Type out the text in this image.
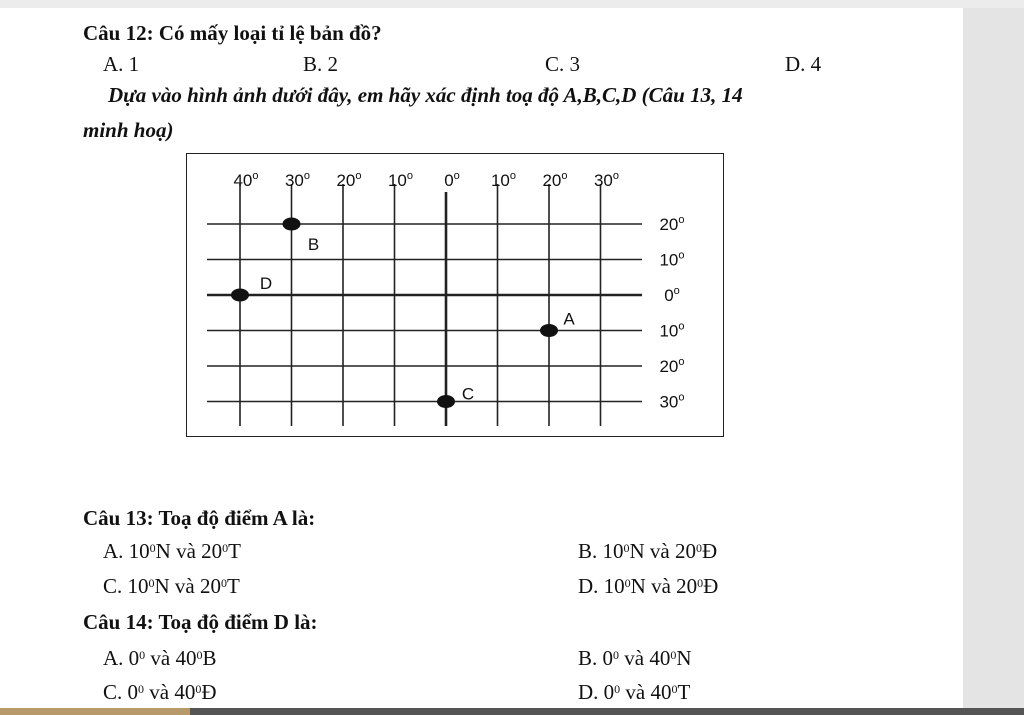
Câu 12: Có mấy loại tỉ lệ bản đồ?
A. 1	B. 2	C. 3	D. 4
Dựa vào hình ảnh dưới đây, em hãy xác định toạ độ A,B,C,D (Câu 13, 14
minh hoạ)
Câu 13: Toạ độ điểm A là:
A. $10^0N$ và $20^0T$	B. $10^0N$ và $20^0Đ$
C. $10^0N$ và $20^0T$	D. $10^0N$ và $20^0Đ$
Câu 14: Toạ độ điểm D là:
A. $0^0$ và $40^0B$	B. $0^0$ và $40^0N$
C. $0^0$ và $40^0Đ$	D. $0^0$ và $40^0T$
40$^o$ 30$^o$ 20$^o$ 10$^o$ 0$^o$ 10$^o$ 20$^o$ 30$^o$
20$^o$
10$^o$
0$^o$
10$^o$
20$^o$
30$^o$
A
B
C
D
